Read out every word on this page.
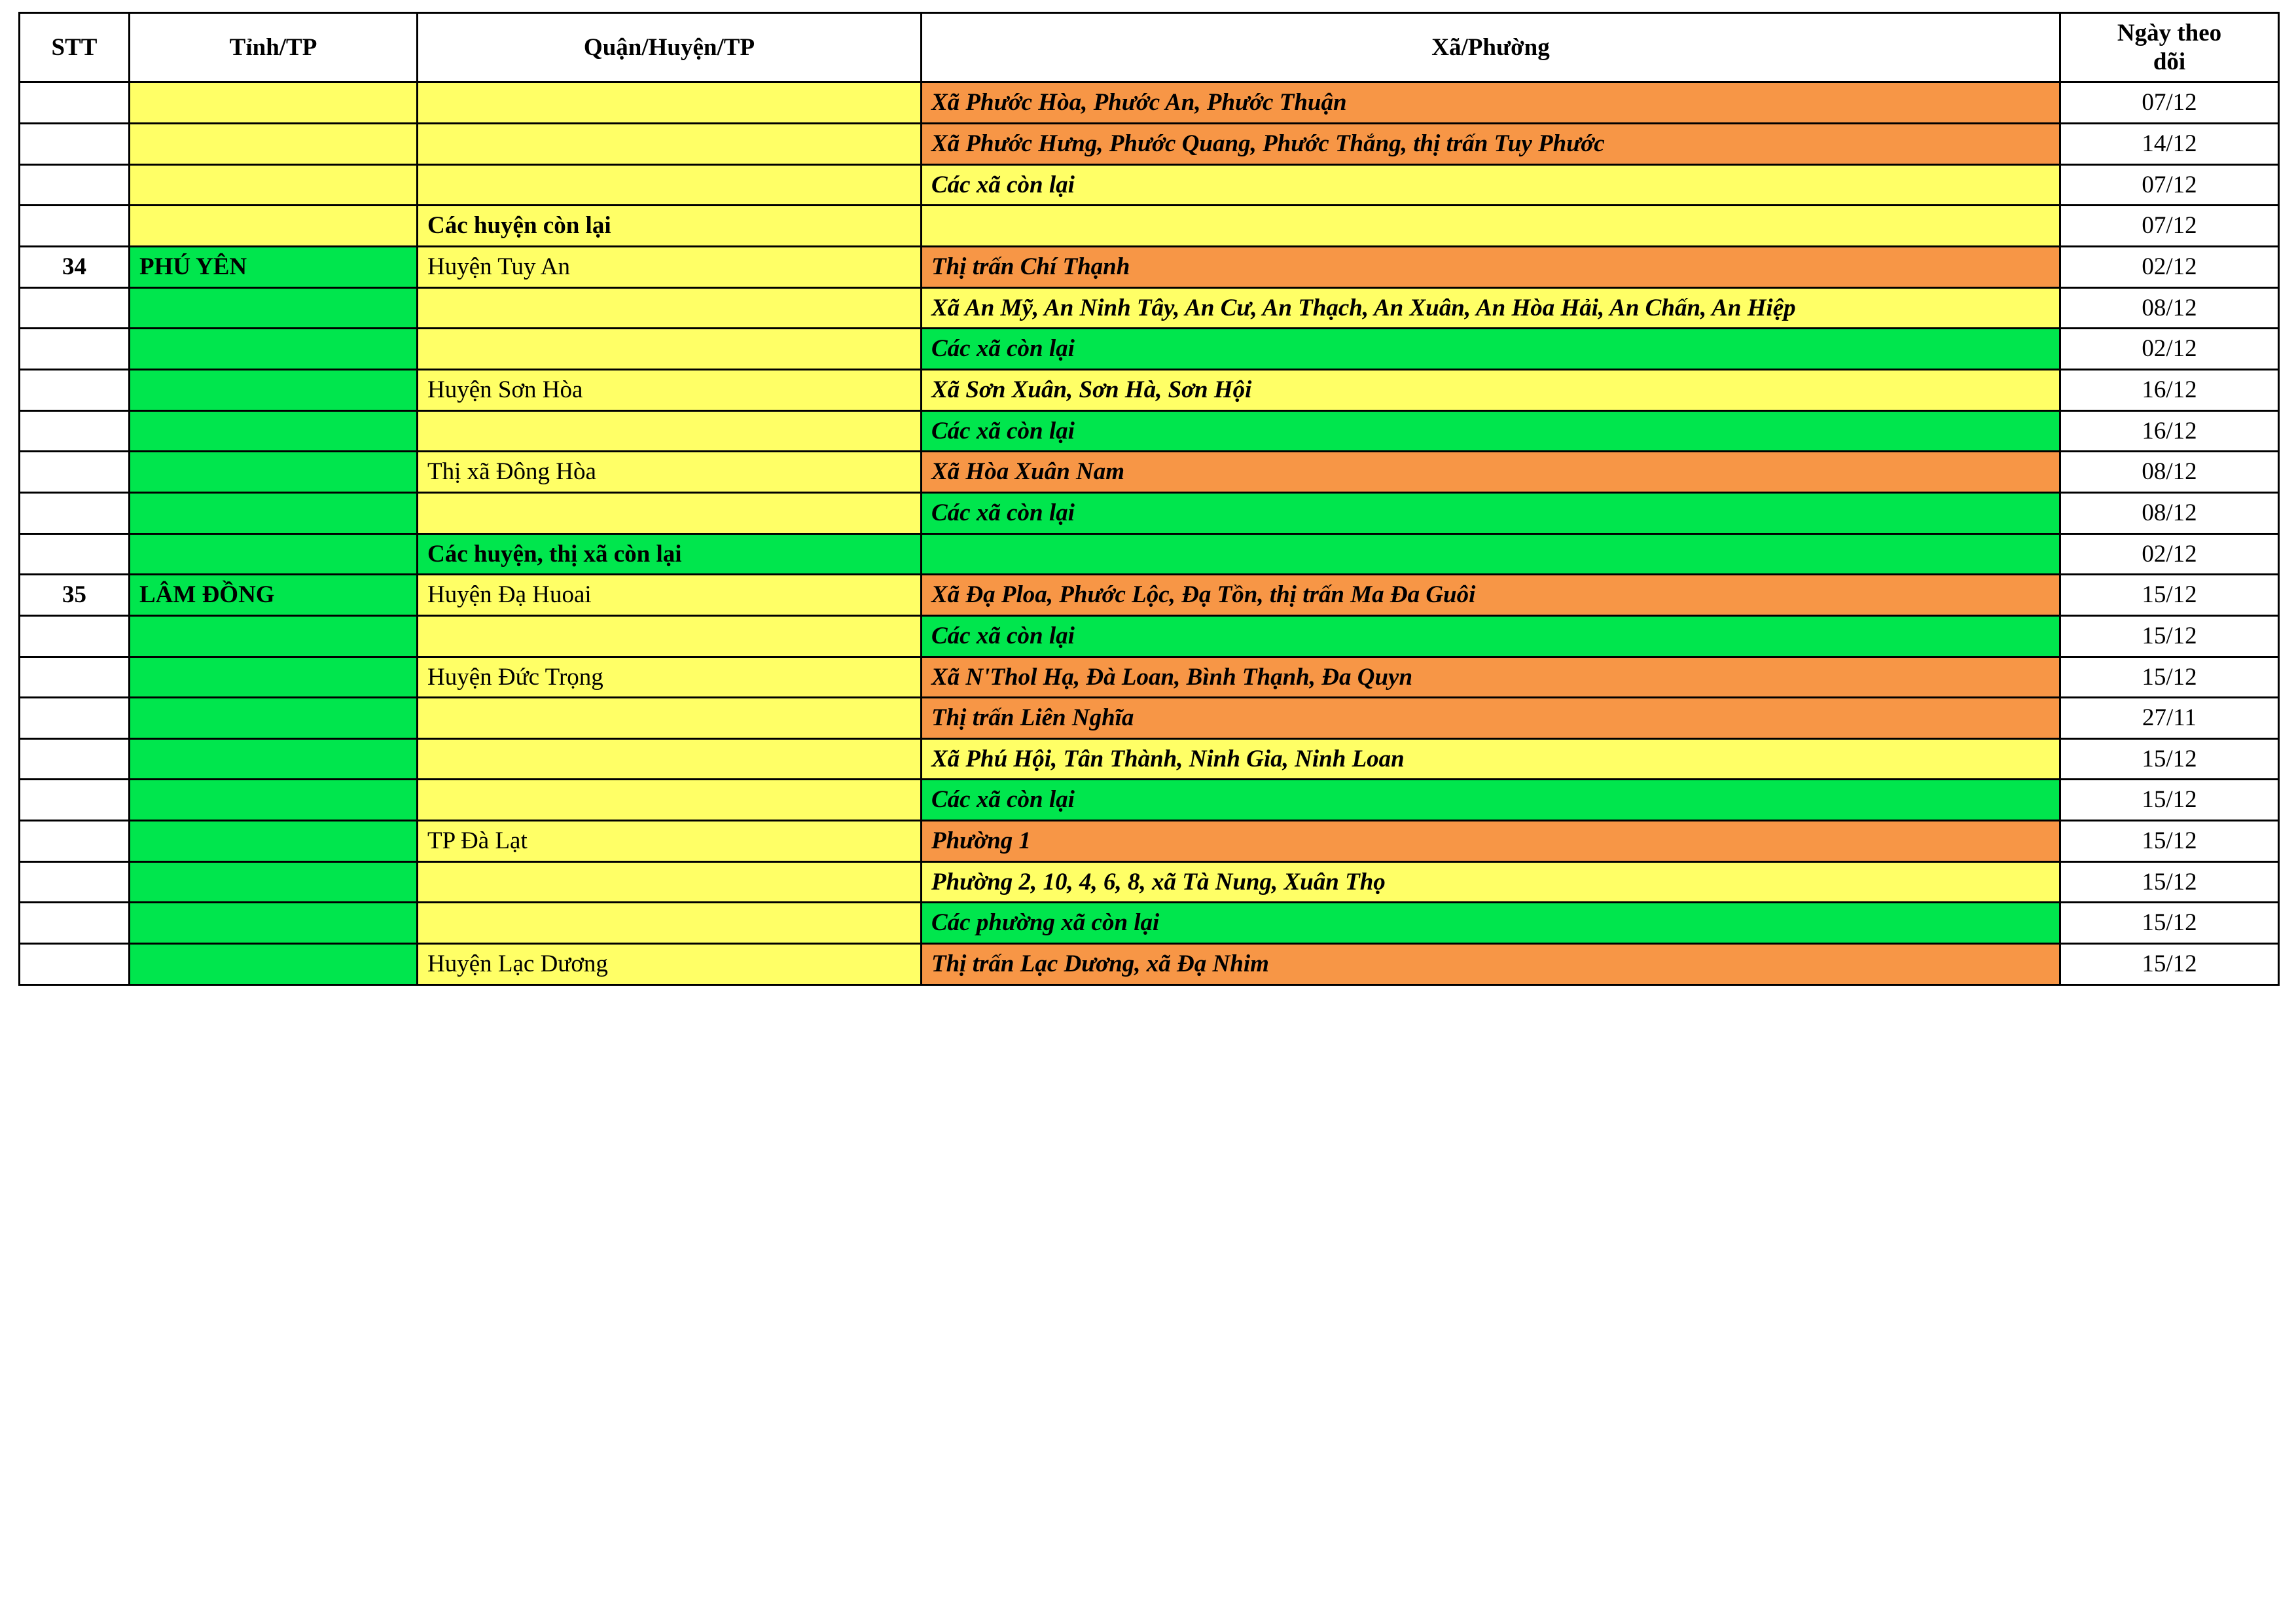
STT	Tỉnh/TP	Quận/Huyện/TP	Xã/Phường	Ngày theo
dõi

			Xã Phước Hòa, Phước An, Phước Thuận	07/12
			Xã Phước Hưng, Phước Quang, Phước Thắng, thị trấn Tuy Phước	14/12
			Các xã còn lại	07/12
		Các huyện còn lại		07/12
34	PHÚ YÊN	Huyện Tuy An	Thị trấn Chí Thạnh	02/12
			Xã An Mỹ, An Ninh Tây, An Cư, An Thạch, An Xuân, An Hòa Hải, An Chấn, An Hiệp	08/12
			Các xã còn lại	02/12
		Huyện Sơn Hòa	Xã Sơn Xuân, Sơn Hà, Sơn Hội	16/12
			Các xã còn lại	16/12
		Thị xã Đông Hòa	Xã Hòa Xuân Nam	08/12
			Các xã còn lại	08/12
		Các huyện, thị xã còn lại		02/12
35	LÂM ĐỒNG	Huyện Đạ Huoai	Xã Đạ Ploa, Phước Lộc, Đạ Tồn, thị trấn Ma Đa Guôi	15/12
			Các xã còn lại	15/12
		Huyện Đức Trọng	Xã N'Thol Hạ, Đà Loan, Bình Thạnh, Đa Quyn	15/12
			Thị trấn Liên Nghĩa	27/11
			Xã Phú Hội, Tân Thành, Ninh Gia, Ninh Loan	15/12
			Các xã còn lại	15/12
		TP Đà Lạt	Phường 1	15/12
			Phường 2, 10, 4, 6, 8, xã Tà Nung, Xuân Thọ	15/12
			Các phường xã còn lại	15/12
		Huyện Lạc Dương	Thị trấn Lạc Dương, xã Đạ Nhim	15/12
